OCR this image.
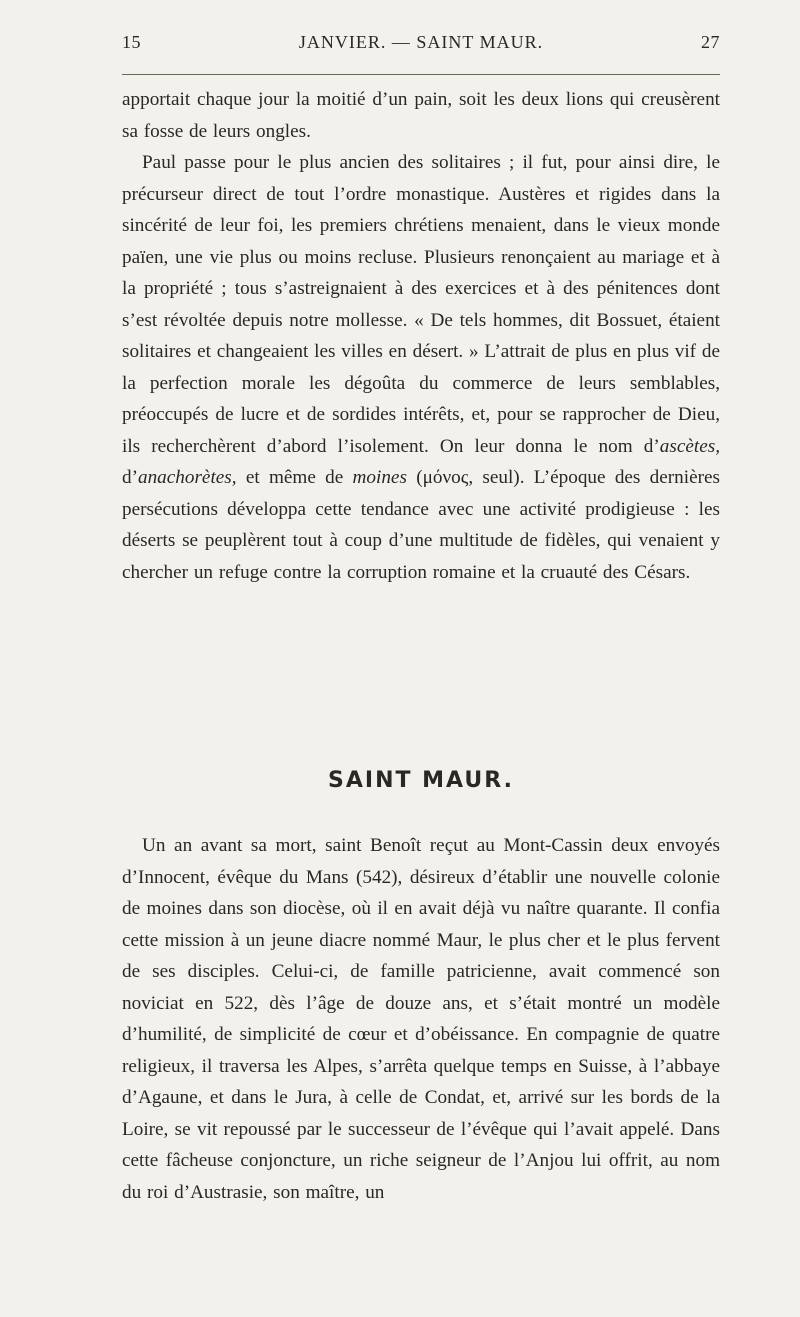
15	JANVIER. — SAINT MAUR.	27

apportait chaque jour la moitié d’un pain, soit les deux lions qui creusèrent sa fosse de leurs ongles.

Paul passe pour le plus ancien des solitaires ; il fut, pour ainsi dire, le précurseur direct de tout l’ordre monastique. Austères et rigides dans la sincérité de leur foi, les premiers chrétiens menaient, dans le vieux monde païen, une vie plus ou moins recluse. Plusieurs renonçaient au mariage et à la propriété ; tous s’astreignaient à des exercices et à des pénitences dont s’est révoltée depuis notre mollesse. « De tels hommes, dit Bossuet, étaient solitaires et changeaient les villes en désert. » L’attrait de plus en plus vif de la perfection morale les dégoûta du commerce de leurs semblables, préoccupés de lucre et de sordides intérêts, et, pour se rapprocher de Dieu, ils recherchèrent d’abord l’isolement. On leur donna le nom d’ascètes, d’anachorètes, et même de moines (μόνος, seul). L’époque des dernières persécutions développa cette tendance avec une activité prodigieuse : les déserts se peuplèrent tout à coup d’une multitude de fidèles, qui venaient y chercher un refuge contre la corruption romaine et la cruauté des Césars.

SAINT MAUR.

Un an avant sa mort, saint Benoît reçut au Mont-Cassin deux envoyés d’Innocent, évêque du Mans (542), désireux d’établir une nouvelle colonie de moines dans son diocèse, où il en avait déjà vu naître quarante. Il confia cette mission à un jeune diacre nommé Maur, le plus cher et le plus fervent de ses disciples. Celui-ci, de famille patricienne, avait commencé son noviciat en 522, dès l’âge de douze ans, et s’était montré un modèle d’humilité, de simplicité de cœur et d’obéissance. En compagnie de quatre religieux, il traversa les Alpes, s’arrêta quelque temps en Suisse, à l’abbaye d’Agaune, et dans le Jura, à celle de Condat, et, arrivé sur les bords de la Loire, se vit repoussé par le successeur de l’évêque qui l’avait appelé. Dans cette fâcheuse conjoncture, un riche seigneur de l’Anjou lui offrit, au nom du roi d’Austrasie, son maître, un
